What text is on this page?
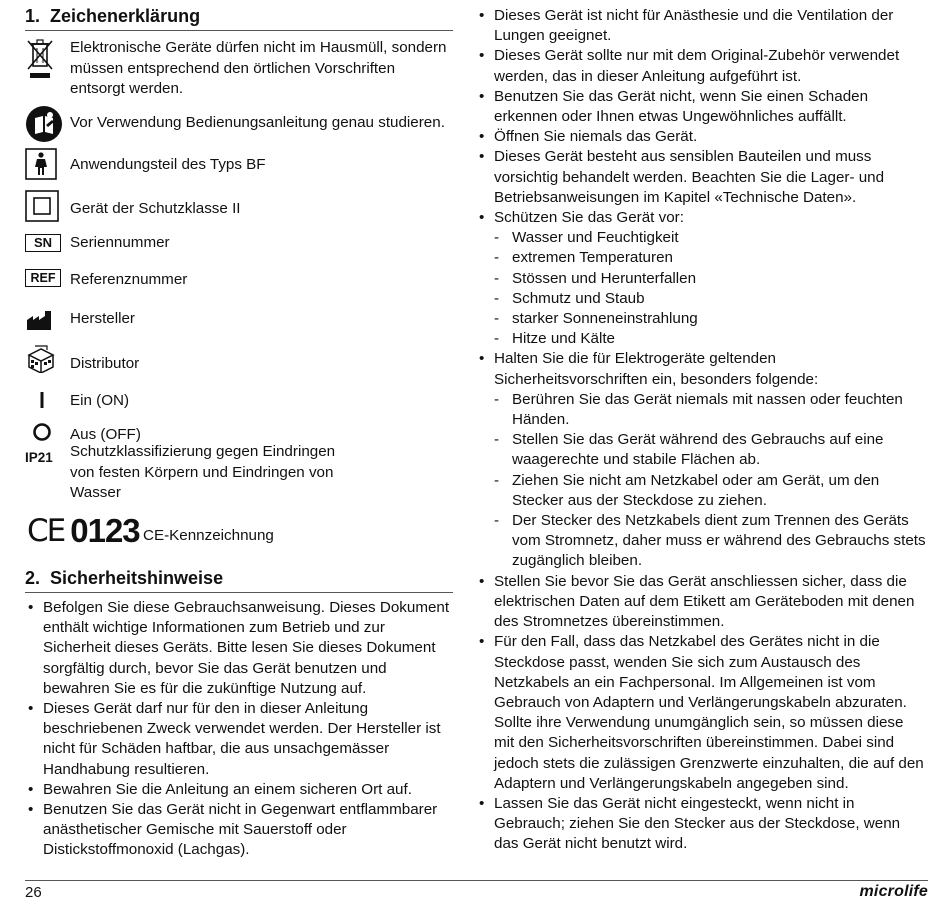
1. Zeichenerklärung
Elektronische Geräte dürfen nicht im Hausmüll, sondern müssen entsprechend den örtlichen Vorschriften entsorgt werden.
Vor Verwendung Bedienungsanleitung genau studieren.
Anwendungsteil des Typs BF
Gerät der Schutzklasse II
SN Seriennummer
REF Referenznummer
Hersteller
Distributor
Ein (ON)
Aus (OFF)
IP21 Schutzklassifizierung gegen Eindringen von festen Körpern und Eindringen von Wasser
CE 0123 CE-Kennzeichnung
2. Sicherheitshinweise
• Befolgen Sie diese Gebrauchsanweisung. Dieses Dokument enthält wichtige Informationen zum Betrieb und zur Sicherheit dieses Geräts. Bitte lesen Sie dieses Dokument sorgfältig durch, bevor Sie das Gerät benutzen und bewahren Sie es für die zukünftige Nutzung auf.
• Dieses Gerät darf nur für den in dieser Anleitung beschriebenen Zweck verwendet werden. Der Hersteller ist nicht für Schäden haftbar, die aus unsachgemässer Handhabung resultieren.
• Bewahren Sie die Anleitung an einem sicheren Ort auf.
• Benutzen Sie das Gerät nicht in Gegenwart entflammbarer anästhetischer Gemische mit Sauerstoff oder Distickstoffmonoxid (Lachgas).
• Dieses Gerät ist nicht für Anästhesie und die Ventilation der Lungen geeignet.
• Dieses Gerät sollte nur mit dem Original-Zubehör verwendet werden, das in dieser Anleitung aufgeführt ist.
• Benutzen Sie das Gerät nicht, wenn Sie einen Schaden erkennen oder Ihnen etwas Ungewöhnliches auffällt.
• Öffnen Sie niemals das Gerät.
• Dieses Gerät besteht aus sensiblen Bauteilen und muss vorsichtig behandelt werden. Beachten Sie die Lager- und Betriebsanweisungen im Kapitel «Technische Daten».
• Schützen Sie das Gerät vor:
- Wasser und Feuchtigkeit
- extremen Temperaturen
- Stössen und Herunterfallen
- Schmutz und Staub
- starker Sonneneinstrahlung
- Hitze und Kälte
• Halten Sie die für Elektrogeräte geltenden Sicherheitsvorschriften ein, besonders folgende:
- Berühren Sie das Gerät niemals mit nassen oder feuchten Händen.
- Stellen Sie das Gerät während des Gebrauchs auf eine waagerechte und stabile Flächen ab.
- Ziehen Sie nicht am Netzkabel oder am Gerät, um den Stecker aus der Steckdose zu ziehen.
- Der Stecker des Netzkabels dient zum Trennen des Geräts vom Stromnetz, daher muss er während des Gebrauchs stets zugänglich bleiben.
• Stellen Sie bevor Sie das Gerät anschliessen sicher, dass die elektrischen Daten auf dem Etikett am Geräteboden mit denen des Stromnetzes übereinstimmen.
• Für den Fall, dass das Netzkabel des Gerätes nicht in die Steckdose passt, wenden Sie sich zum Austausch des Netzkabels an ein Fachpersonal. Im Allgemeinen ist vom Gebrauch von Adaptern und Verlängerungskabeln abzuraten. Sollte ihre Verwendung unumgänglich sein, so müssen diese mit den Sicherheitsvorschriften übereinstimmen. Dabei sind jedoch stets die zulässigen Grenzwerte einzuhalten, die auf den Adaptern und Verlängerungskabeln angegeben sind.
• Lassen Sie das Gerät nicht eingesteckt, wenn nicht in Gebrauch; ziehen Sie den Stecker aus der Steckdose, wenn das Gerät nicht benutzt wird.
26	microlife
